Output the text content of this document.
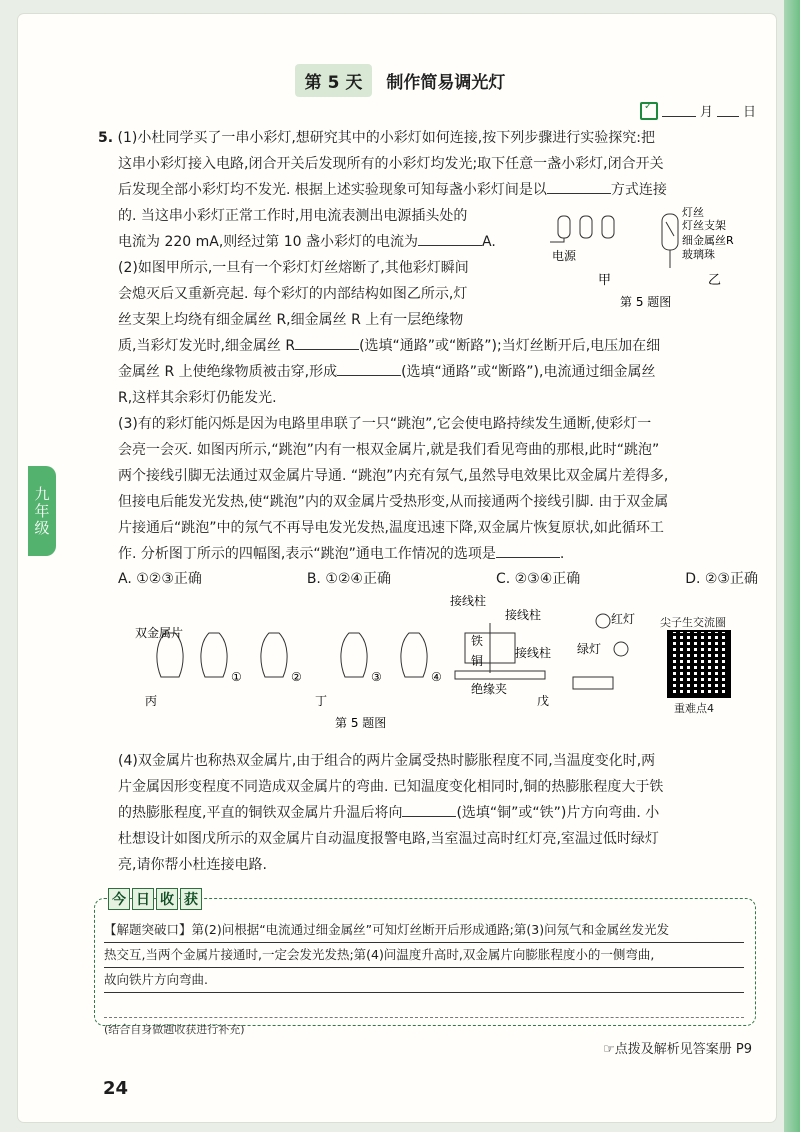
第 5 天	制作简易调光灯
✓
月 日
九年级

5. (1)小杜同学买了一串小彩灯,想研究其中的小彩灯如何连接,按下列步骤进行实验探究:把

这串小彩灯接入电路,闭合开关后发现所有的小彩灯均发光;取下任意一盏小彩灯,闭合开关

后发现全部小彩灯均不发光. 根据上述实验现象可知每盏小彩灯间是以	方式连接

的. 当这串小彩灯正常工作时,用电流表测出电源插头处的

电流为 220 mA,则经过第 10 盏小彩灯的电流为	A.

(2)如图甲所示,一旦有一个彩灯灯丝熔断了,其他彩灯瞬间

会熄灭后又重新亮起. 每个彩灯的内部结构如图乙所示,灯

丝支架上均绕有细金属丝 R,细金属丝 R 上有一层绝缘物

质,当彩灯发光时,细金属丝 R	(选填“通路”或“断路”);当灯丝断开后,电压加在细

金属丝 R 上使绝缘物质被击穿,形成	(选填“通路”或“断路”),电流通过细金属丝

R,这样其余彩灯仍能发光.

(3)有的彩灯能闪烁是因为电路里串联了一只“跳泡”,它会使电路持续发生通断,使彩灯一

会亮一会灭. 如图丙所示,“跳泡”内有一根双金属片,就是我们看见弯曲的那根,此时“跳泡”

两个接线引脚无法通过双金属片导通. “跳泡”内充有氖气,虽然导电效果比双金属片差得多,

但接电后能发光发热,使“跳泡”内的双金属片受热形变,从而接通两个接线引脚. 由于双金属

片接通后“跳泡”中的氖气不再导电发光发热,温度迅速下降,双金属片恢复原状,如此循环工

作. 分析图丁所示的四幅图,表示“跳泡”通电工作情况的选项是	.

A. ①②③正确	B. ①②④正确	C. ②③④正确	D. ②③正确
电源
灯丝
灯丝支架
细金属丝R
玻璃珠
甲	乙
第 5 题图
双金属片
①	②	③	④
接线柱
接线柱
接线柱
铁
铜
绝缘夹
红灯
绿灯
丙	丁	戊
第 5 题图
尖子生交流圈
重难点4

(4)双金属片也称热双金属片,由于组合的两片金属受热时膨胀程度不同,当温度变化时,两

片金属因形变程度不同造成双金属片的弯曲. 已知温度变化相同时,铜的热膨胀程度大于铁

的热膨胀程度,平直的铜铁双金属片升温后将向	(选填“铜”或“铁”)片方向弯曲. 小

杜想设计如图戊所示的双金属片自动温度报警电路,当室温过高时红灯亮,室温过低时绿灯

亮,请你帮小杜连接电路.

今 日 收 获
【解题突破口】第(2)问根据“电流通过细金属丝”可知灯丝断开后形成通路;第(3)问氖气和金属丝发光发
热交互,当两个金属片接通时,一定会发光发热;第(4)问温度升高时,双金属片向膨胀程度小的一侧弯曲,
故向铁片方向弯曲.
(结合自身做题收获进行补充)
☞点拨及解析见答案册 P9
24
